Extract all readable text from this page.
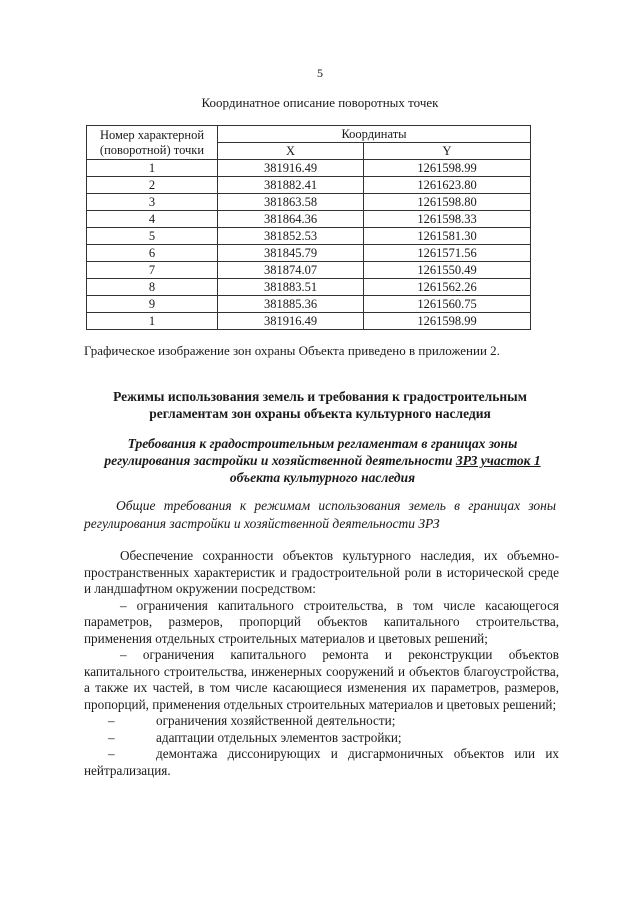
5
Координатное описание поворотных точек
Номер характерной
(поворотной) точки	Координаты	
	X	Y
1	381916.49	1261598.99
2	381882.41	1261623.80
3	381863.58	1261598.80
4	381864.36	1261598.33
5	381852.53	1261581.30
6	381845.79	1261571.56
7	381874.07	1261550.49
8	381883.51	1261562.26
9	381885.36	1261560.75
1	381916.49	1261598.99
Графическое изображение зон охраны Объекта приведено в приложении 2.
Режимы использования земель и требования к градостроительным
регламентам зон охраны объекта культурного наследия
Требования к градостроительным регламентам в границах зоны
регулирования застройки и хозяйственной деятельности ЗРЗ участок 1
объекта культурного наследия
Общие требования к режимам использования земель в границах зоны регулирования застройки и хозяйственной деятельности ЗРЗ

Обеспечение сохранности объектов культурного наследия, их объемно-пространственных характеристик и градостроительной роли в исторической среде и ландшафтном окружении посредством:

– ограничения капитального строительства, в том числе касающегося параметров, размеров, пропорций объектов капитального строительства, применения отдельных строительных материалов и цветовых решений;

– ограничения капитального ремонта и реконструкции объектов капитального строительства, инженерных сооружений и объектов благоустройства, а также их частей, в том числе касающиеся изменения их параметров, размеров, пропорций, применения отдельных строительных материалов и цветовых решений;

–	ограничения хозяйственной деятельности;

–	адаптации отдельных элементов застройки;

–	демонтажа диссонирующих и дисгармоничных объектов или их нейтрализация.
